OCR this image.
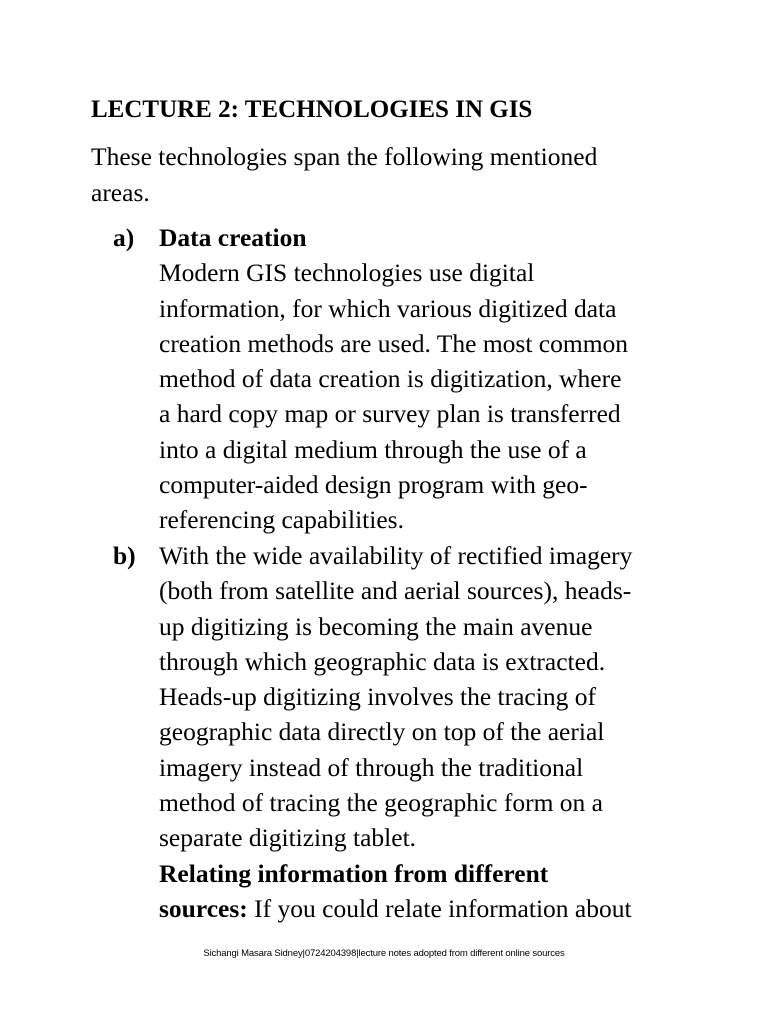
LECTURE 2: TECHNOLOGIES IN GIS
These technologies span the following mentioned
areas.
a) Data creation
Modern GIS technologies use digital
information, for which various digitized data
creation methods are used. The most common
method of data creation is digitization, where
a hard copy map or survey plan is transferred
into a digital medium through the use of a
computer-aided design program with geo-
referencing capabilities.
b) With the wide availability of rectified imagery
(both from satellite and aerial sources), heads-
up digitizing is becoming the main avenue
through which geographic data is extracted.
Heads-up digitizing involves the tracing of
geographic data directly on top of the aerial
imagery instead of through the traditional
method of tracing the geographic form on a
separate digitizing tablet.
Relating information from different
sources: If you could relate information about
Sichangi Masara Sidney|0724204398|lecture notes adopted from different online sources
